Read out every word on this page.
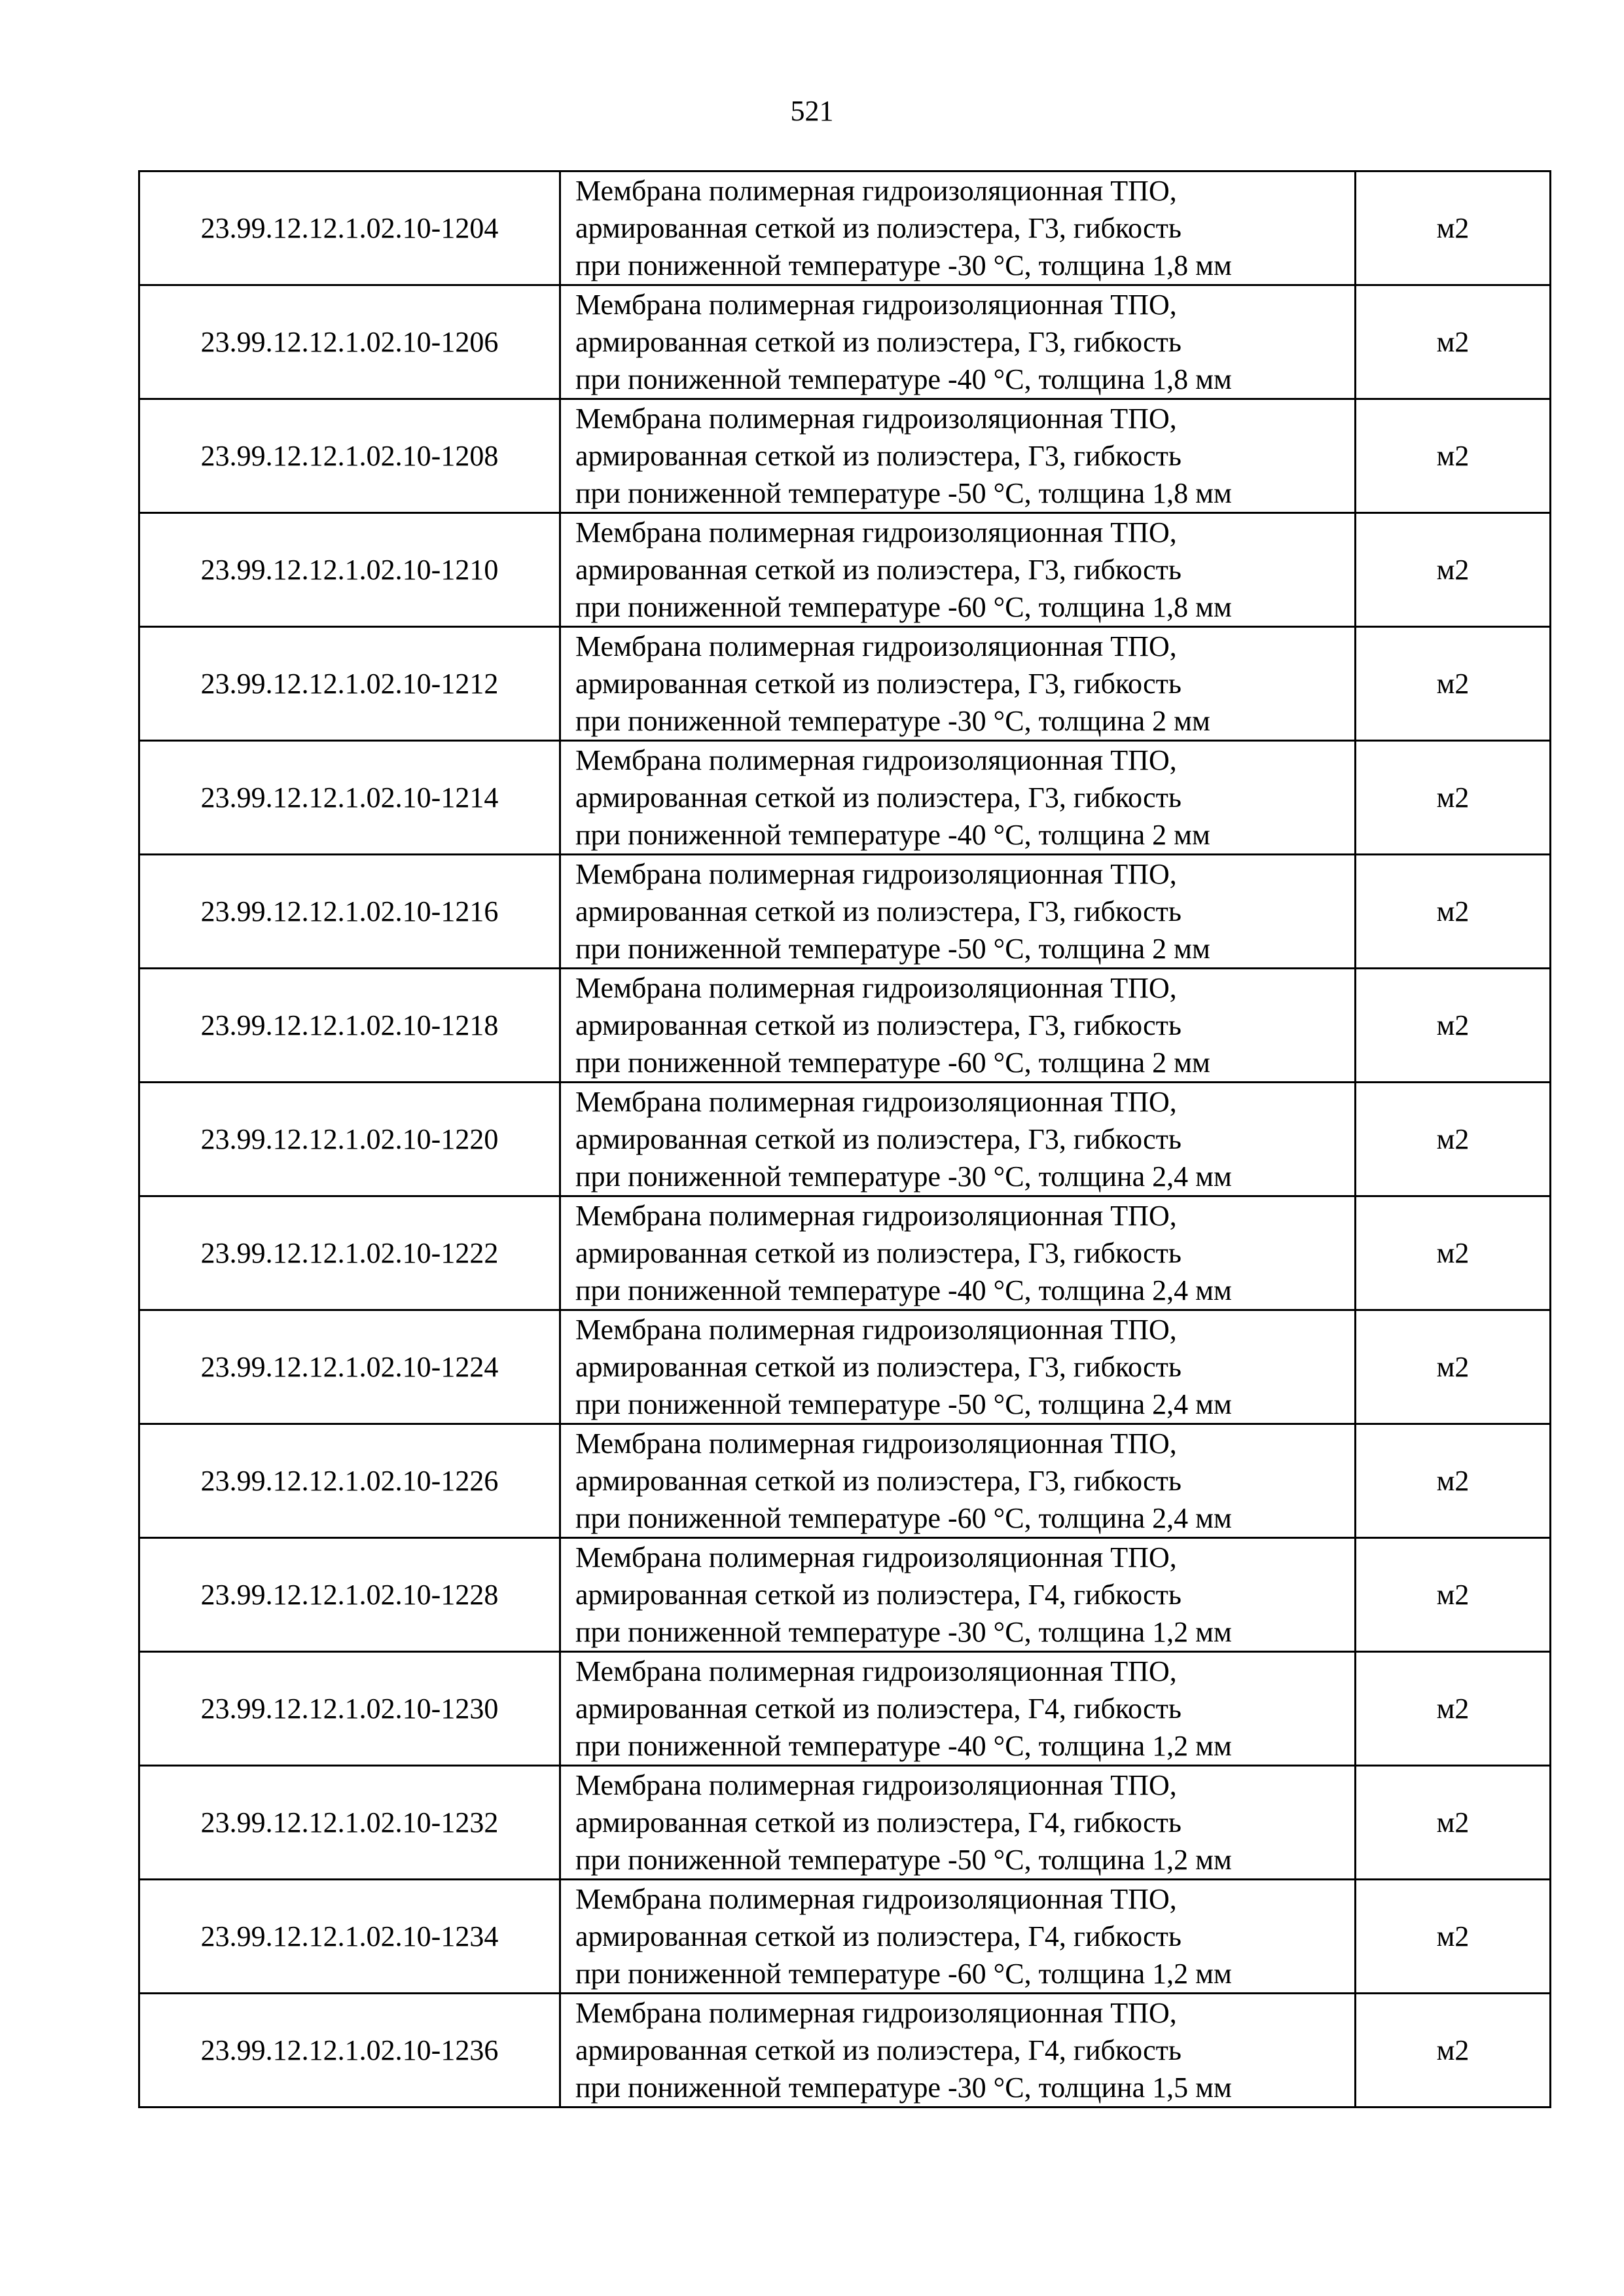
521
23.99.12.12.1.02.10-1204	Мембрана полимерная гидроизоляционная ТПО,
армированная сеткой из полиэстера, Г3, гибкость
при пониженной температуре -30 °С, толщина 1,8 мм	м2
23.99.12.12.1.02.10-1206	Мембрана полимерная гидроизоляционная ТПО,
армированная сеткой из полиэстера, Г3, гибкость
при пониженной температуре -40 °С, толщина 1,8 мм	м2
23.99.12.12.1.02.10-1208	Мембрана полимерная гидроизоляционная ТПО,
армированная сеткой из полиэстера, Г3, гибкость
при пониженной температуре -50 °С, толщина 1,8 мм	м2
23.99.12.12.1.02.10-1210	Мембрана полимерная гидроизоляционная ТПО,
армированная сеткой из полиэстера, Г3, гибкость
при пониженной температуре -60 °С, толщина 1,8 мм	м2
23.99.12.12.1.02.10-1212	Мембрана полимерная гидроизоляционная ТПО,
армированная сеткой из полиэстера, Г3, гибкость
при пониженной температуре -30 °С, толщина 2 мм	м2
23.99.12.12.1.02.10-1214	Мембрана полимерная гидроизоляционная ТПО,
армированная сеткой из полиэстера, Г3, гибкость
при пониженной температуре -40 °С, толщина 2 мм	м2
23.99.12.12.1.02.10-1216	Мембрана полимерная гидроизоляционная ТПО,
армированная сеткой из полиэстера, Г3, гибкость
при пониженной температуре -50 °С, толщина 2 мм	м2
23.99.12.12.1.02.10-1218	Мембрана полимерная гидроизоляционная ТПО,
армированная сеткой из полиэстера, Г3, гибкость
при пониженной температуре -60 °С, толщина 2 мм	м2
23.99.12.12.1.02.10-1220	Мембрана полимерная гидроизоляционная ТПО,
армированная сеткой из полиэстера, Г3, гибкость
при пониженной температуре -30 °С, толщина 2,4 мм	м2
23.99.12.12.1.02.10-1222	Мембрана полимерная гидроизоляционная ТПО,
армированная сеткой из полиэстера, Г3, гибкость
при пониженной температуре -40 °С, толщина 2,4 мм	м2
23.99.12.12.1.02.10-1224	Мембрана полимерная гидроизоляционная ТПО,
армированная сеткой из полиэстера, Г3, гибкость
при пониженной температуре -50 °С, толщина 2,4 мм	м2
23.99.12.12.1.02.10-1226	Мембрана полимерная гидроизоляционная ТПО,
армированная сеткой из полиэстера, Г3, гибкость
при пониженной температуре -60 °С, толщина 2,4 мм	м2
23.99.12.12.1.02.10-1228	Мембрана полимерная гидроизоляционная ТПО,
армированная сеткой из полиэстера, Г4, гибкость
при пониженной температуре -30 °С, толщина 1,2 мм	м2
23.99.12.12.1.02.10-1230	Мембрана полимерная гидроизоляционная ТПО,
армированная сеткой из полиэстера, Г4, гибкость
при пониженной температуре -40 °С, толщина 1,2 мм	м2
23.99.12.12.1.02.10-1232	Мембрана полимерная гидроизоляционная ТПО,
армированная сеткой из полиэстера, Г4, гибкость
при пониженной температуре -50 °С, толщина 1,2 мм	м2
23.99.12.12.1.02.10-1234	Мембрана полимерная гидроизоляционная ТПО,
армированная сеткой из полиэстера, Г4, гибкость
при пониженной температуре -60 °С, толщина 1,2 мм	м2
23.99.12.12.1.02.10-1236	Мембрана полимерная гидроизоляционная ТПО,
армированная сеткой из полиэстера, Г4, гибкость
при пониженной температуре -30 °С, толщина 1,5 мм	м2
